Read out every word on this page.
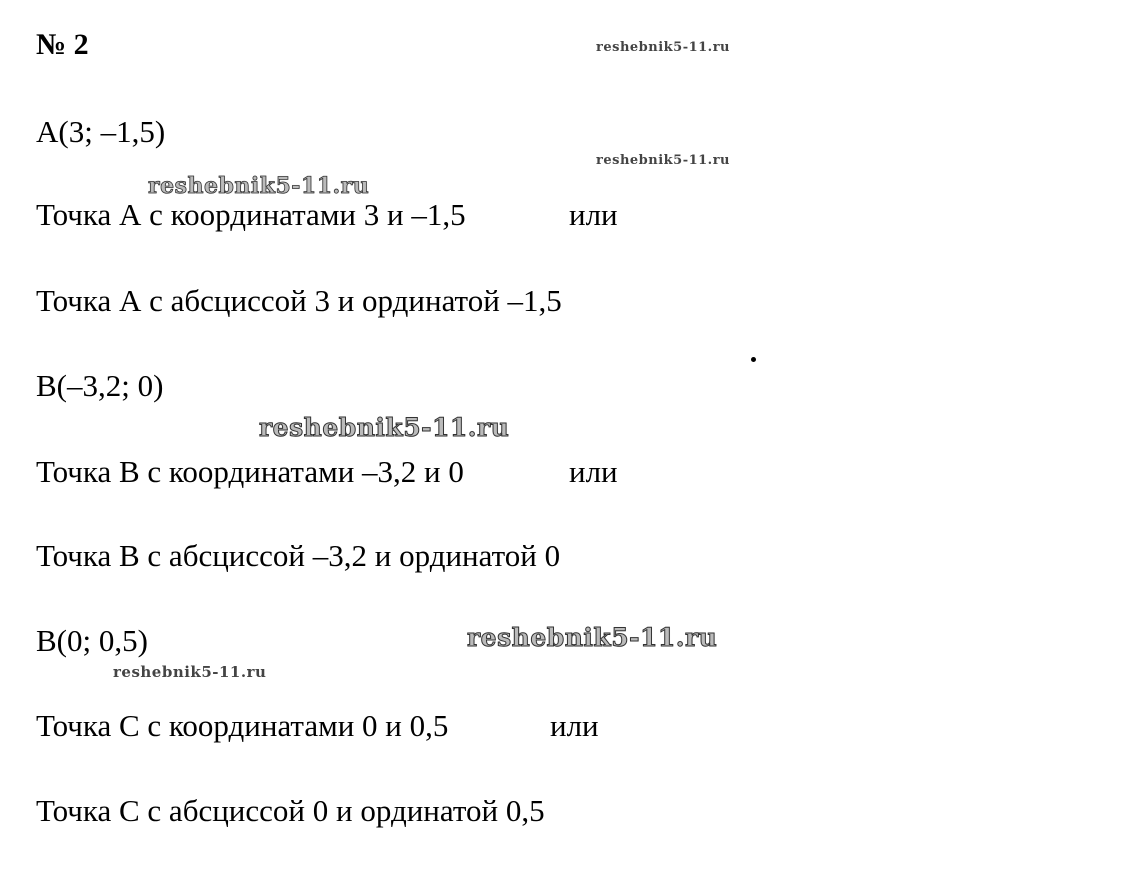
№ 2	reshebnik5-11.ru
reshebnik5-11.ru
reshebnik5-11.ru
reshebnik5-11.ru
reshebnik5-11.ru
reshebnik5-11.ru
A(3; –1,5)
Точка А с координатами 3 и –1,5	или
Точка А с абсциссой 3 и ординатой –1,5
B(–3,2; 0)
Точка В с координатами –3,2 и 0	или
Точка В с абсциссой –3,2 и ординатой 0
B(0; 0,5)
Точка С с координатами 0 и 0,5	или
Точка С с абсциссой 0 и ординатой 0,5
